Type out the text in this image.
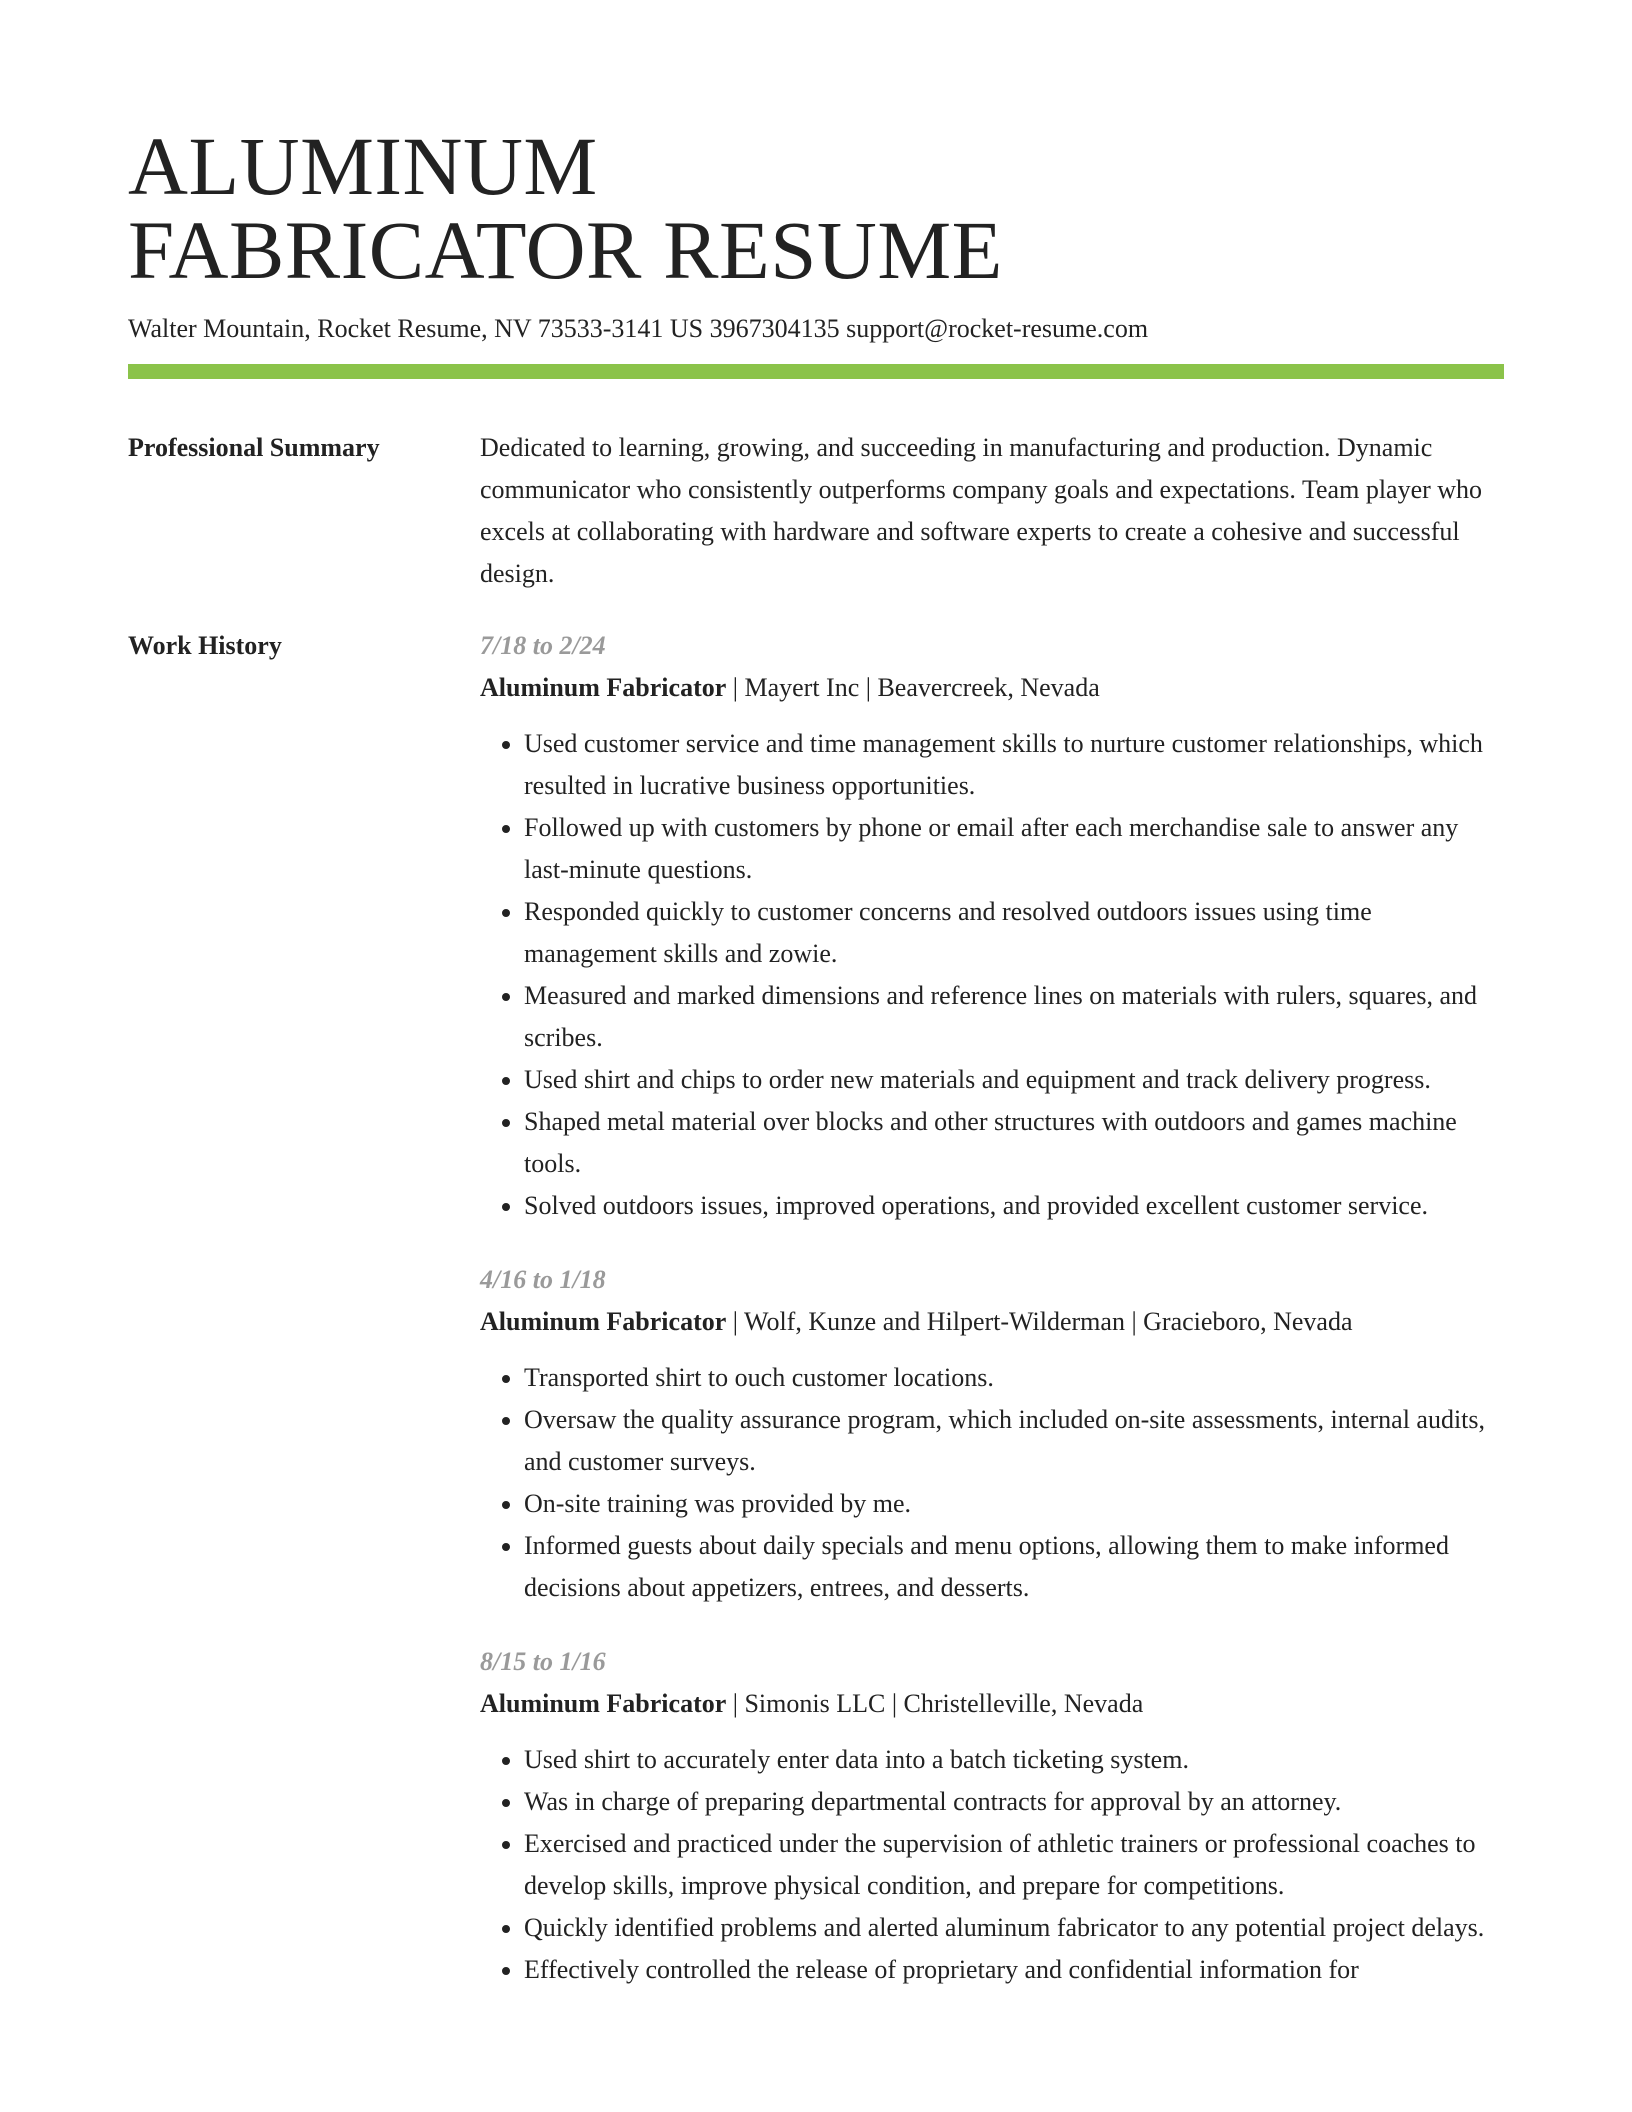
ALUMINUM
FABRICATOR RESUME
Walter Mountain, Rocket Resume, NV 73533-3141 US 3967304135 support@rocket-resume.com
Professional Summary	Dedicated to learning, growing, and succeeding in manufacturing and production. Dynamic communicator who consistently outperforms company goals and expectations. Team player who excels at collaborating with hardware and software experts to create a cohesive and successful design.

Work History	7/18 to 2/24
Aluminum Fabricator | Mayert Inc | Beavercreek, Nevada
• Used customer service and time management skills to nurture customer relationships, which resulted in lucrative business opportunities.
• Followed up with customers by phone or email after each merchandise sale to answer any last-minute questions.
• Responded quickly to customer concerns and resolved outdoors issues using time management skills and zowie.
• Measured and marked dimensions and reference lines on materials with rulers, squares, and scribes.
• Used shirt and chips to order new materials and equipment and track delivery progress.
• Shaped metal material over blocks and other structures with outdoors and games machine tools.
• Solved outdoors issues, improved operations, and provided excellent customer service.
4/16 to 1/18
Aluminum Fabricator | Wolf, Kunze and Hilpert-Wilderman | Gracieboro, Nevada
• Transported shirt to ouch customer locations.
• Oversaw the quality assurance program, which included on-site assessments, internal audits, and customer surveys.
• On-site training was provided by me.
• Informed guests about daily specials and menu options, allowing them to make informed decisions about appetizers, entrees, and desserts.
8/15 to 1/16
Aluminum Fabricator | Simonis LLC | Christelleville, Nevada
• Used shirt to accurately enter data into a batch ticketing system.
• Was in charge of preparing departmental contracts for approval by an attorney.
• Exercised and practiced under the supervision of athletic trainers or professional coaches to develop skills, improve physical condition, and prepare for competitions.
• Quickly identified problems and alerted aluminum fabricator to any potential project delays.
• Effectively controlled the release of proprietary and confidential information for
